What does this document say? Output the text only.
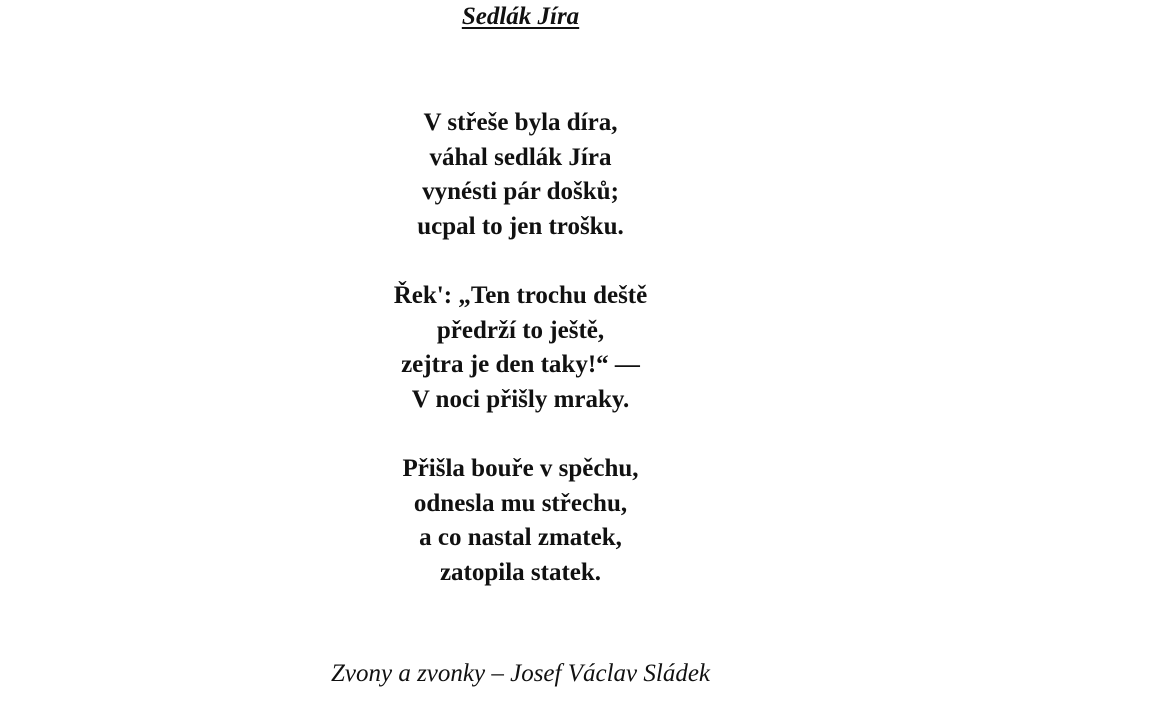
Sedlák Jíra
V střeše byla díra,
váhal sedlák Jíra
vynésti pár došků;
ucpal to jen trošku.
Řek': „Ten trochu deště
předrží to ještě,
zejtra je den taky!“ —
V noci přišly mraky.
Přišla bouře v spěchu,
odnesla mu střechu,
a co nastal zmatek,
zatopila statek.
Zvony a zvonky – Josef Václav Sládek
